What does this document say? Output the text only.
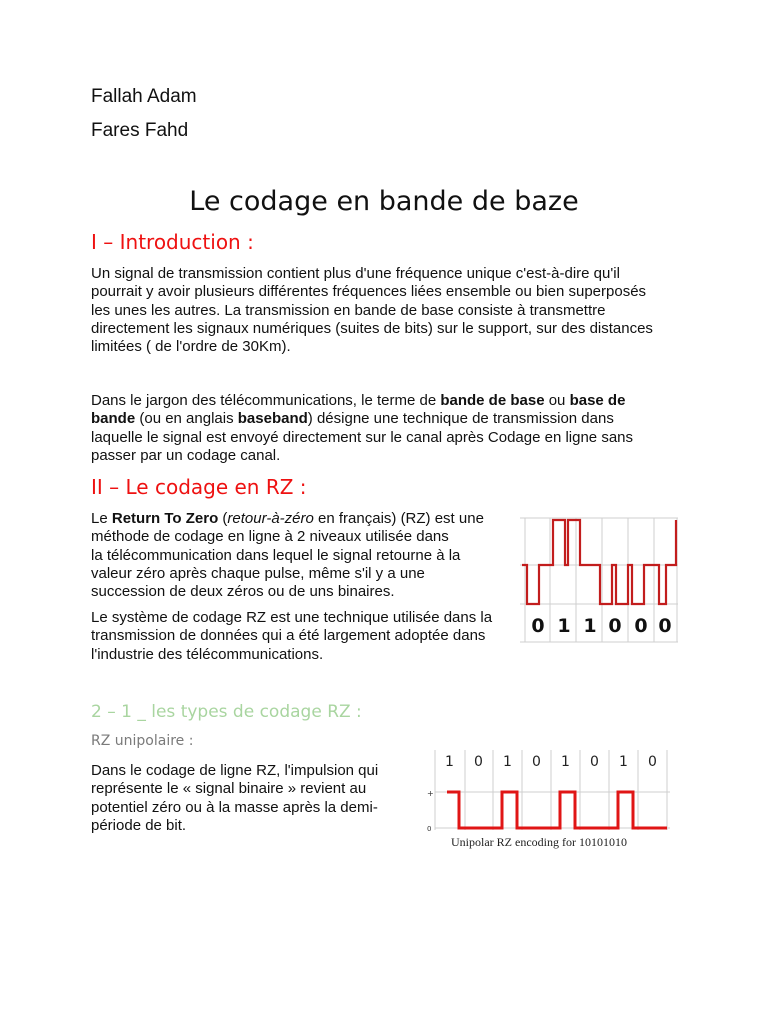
Fallah Adam
Fares Fahd
Le codage en bande de baze
I – Introduction :
Un signal de transmission contient plus d'une fréquence unique c'est-à-dire qu'il
pourrait y avoir plusieurs différentes fréquences liées ensemble ou bien superposés
les unes les autres. La transmission en bande de base consiste à transmettre
directement les signaux numériques (suites de bits) sur le support, sur des distances
limitées ( de l'ordre de 30Km).
Dans le jargon des télécommunications, le terme de bande de base ou base de
bande (ou en anglais baseband) désigne une technique de transmission dans
laquelle le signal est envoyé directement sur le canal après Codage en ligne sans
passer par un codage canal.
II – Le codage en RZ :
Le Return To Zero (retour-à-zéro en français) (RZ) est une
méthode de codage en ligne à 2 niveaux utilisée dans
la télécommunication dans lequel le signal retourne à la
valeur zéro après chaque pulse, même s'il y a une
succession de deux zéros ou de uns binaires.
Le système de codage RZ est une technique utilisée dans la
transmission de données qui a été largement adoptée dans
l'industrie des télécommunications.
0 1 1 0 0 0
2 – 1 _ les types de codage RZ :
RZ unipolaire :
Dans le codage de ligne RZ, l'impulsion qui
représente le « signal binaire » revient au
potentiel zéro ou à la masse après la demi-
période de bit.
+
0
1 0 1 0 1 0 1 0
Unipolar RZ encoding for 10101010
